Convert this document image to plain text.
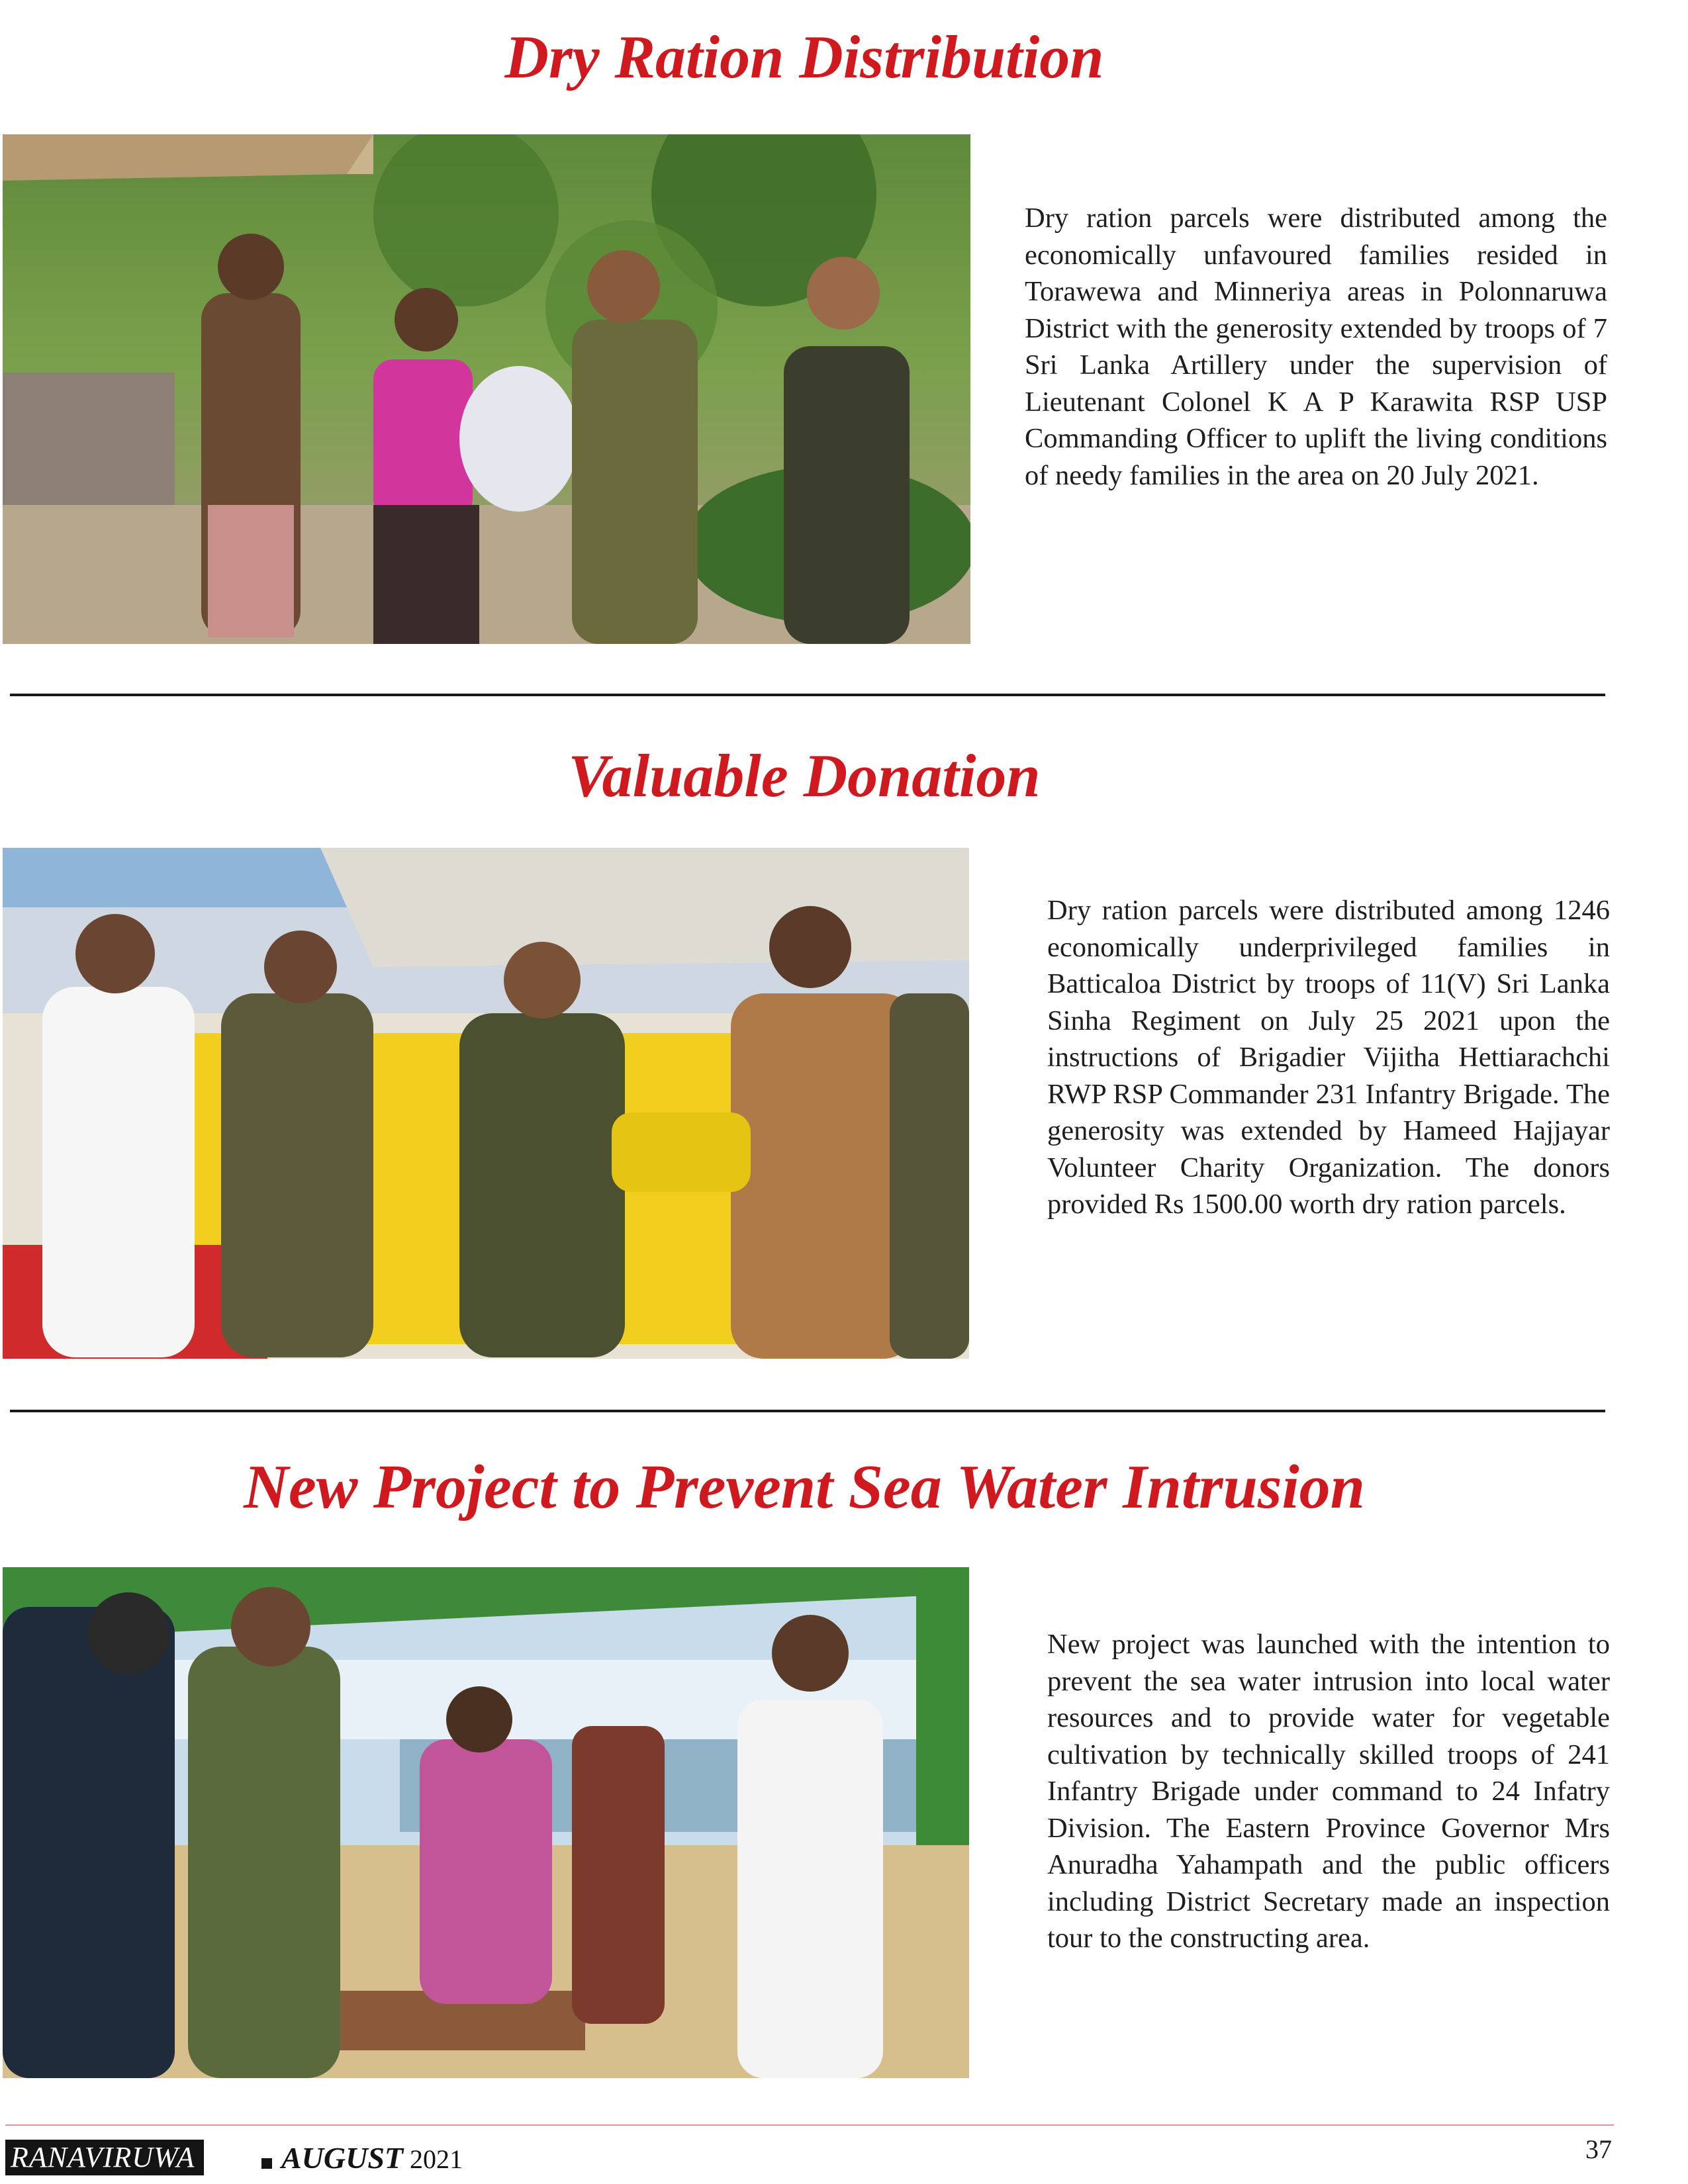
Dry Ration Distribution

Dry ration parcels were distributed among the economically unfavoured families resided in Torawewa and Minneriya areas in Polonnaruwa District with the generosity extended by troops of 7 Sri Lanka Artillery under the supervision of Lieutenant Colonel K A P Karawita RSP USP Commanding Officer to uplift the living conditions of needy families in the area on 20 July 2021.

Valuable Donation

Dry ration parcels were distributed among 1246 economically underprivileged families in Batticaloa District by troops of 11(V) Sri Lanka Sinha Regiment on July 25 2021 upon the instructions of Brigadier Vijitha Hettiarachchi RWP RSP Commander 231 Infantry Brigade. The generosity was extended by Hameed Hajjayar Volunteer Charity Organization. The donors provided Rs 1500.00 worth dry ration parcels.

New Project to Prevent Sea Water Intrusion

New project was launched with the intention to prevent the sea water intrusion into local water resources and to provide water for vegetable cultivation by technically skilled troops of 241 Infantry Brigade under command to 24 Infatry Division. The Eastern Province Governor Mrs Anuradha Yahampath and the public officers including District Secretary made an inspection tour to the constructing area.

RANAVIRUWA	AUGUST 2021	37
